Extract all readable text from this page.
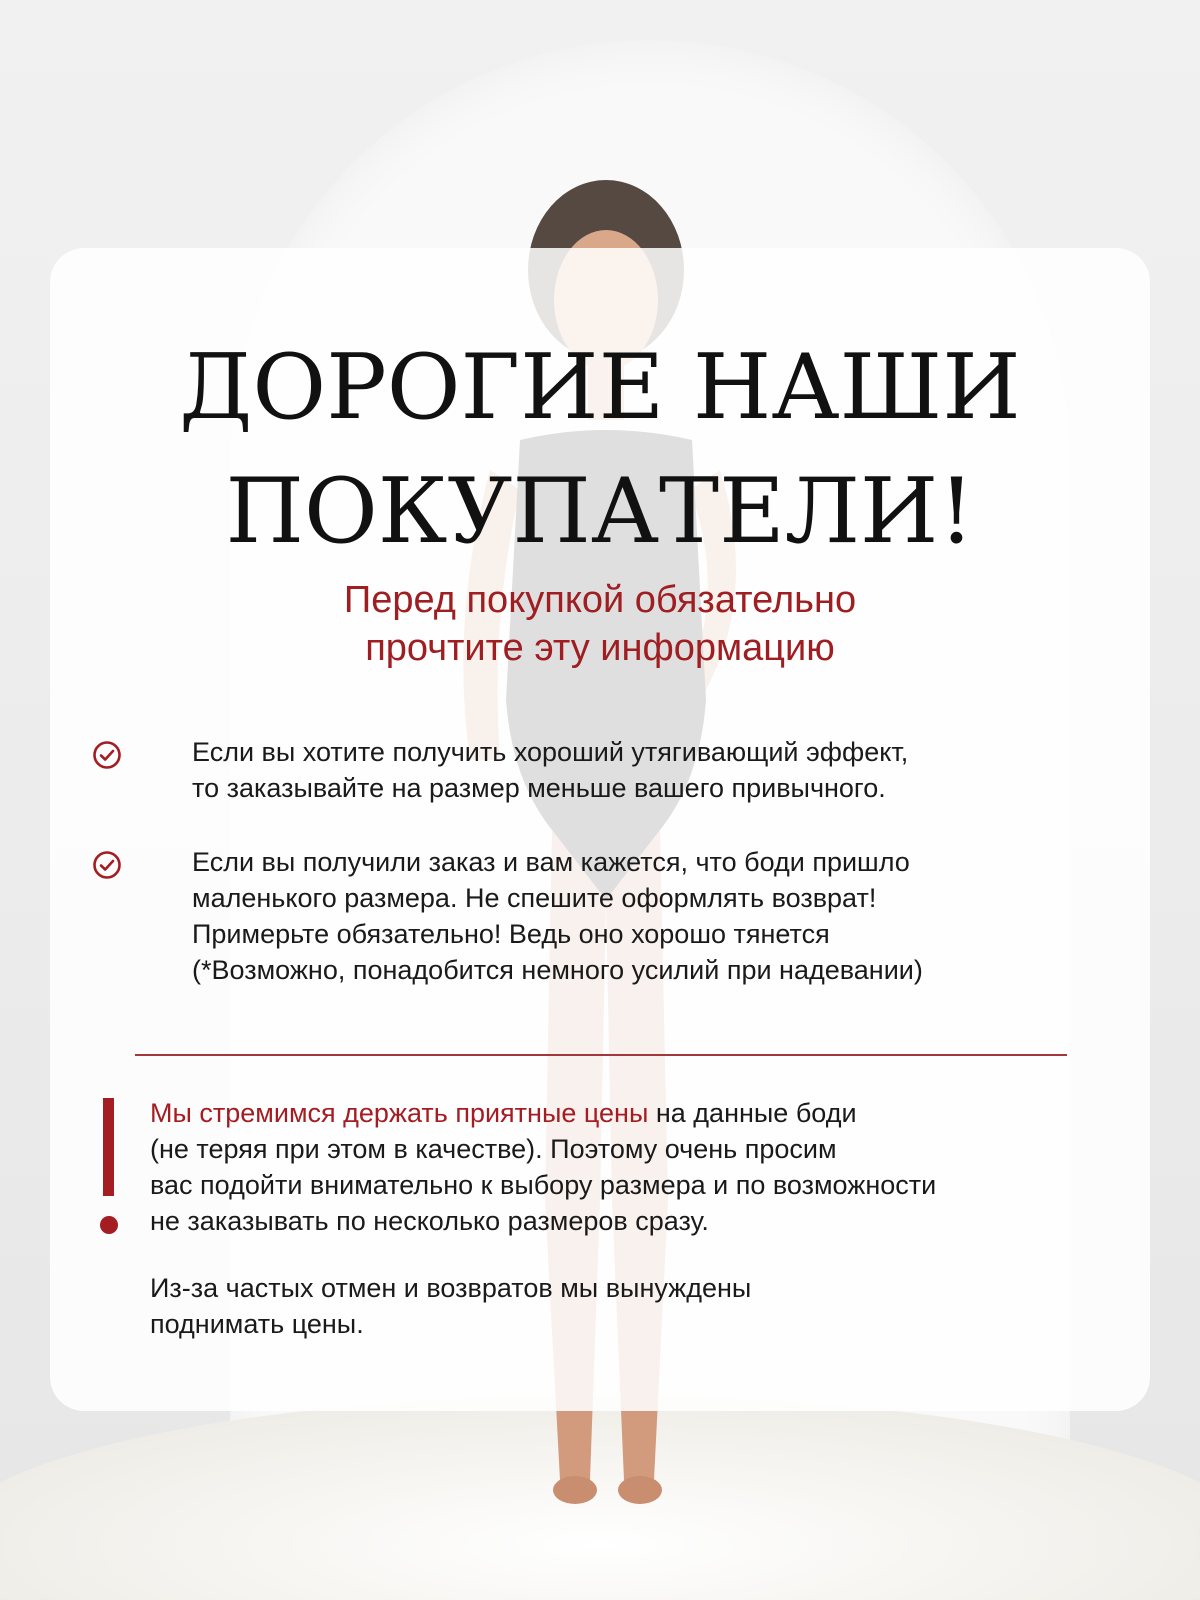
ДОРОГИЕ НАШИ
ПОКУПАТЕЛИ!

Перед покупкой обязательно
прочтите эту информацию

Если вы хотите получить хороший утягивающий эффект,
то заказывайте на размер меньше вашего привычного.
Если вы получили заказ и вам кажется, что боди пришло
маленького размера. Не спешите оформлять возврат!
Примерьте обязательно! Ведь оно хорошо тянется
(*Возможно, понадобится немного усилий при надевании)
Мы стремимся держать приятные цены на данные боди
(не теряя при этом в качестве). Поэтому очень просим
вас подойти внимательно к выбору размера и по возможности
не заказывать по несколько размеров сразу.
Из-за частых отмен и возвратов мы вынуждены
поднимать цены.
